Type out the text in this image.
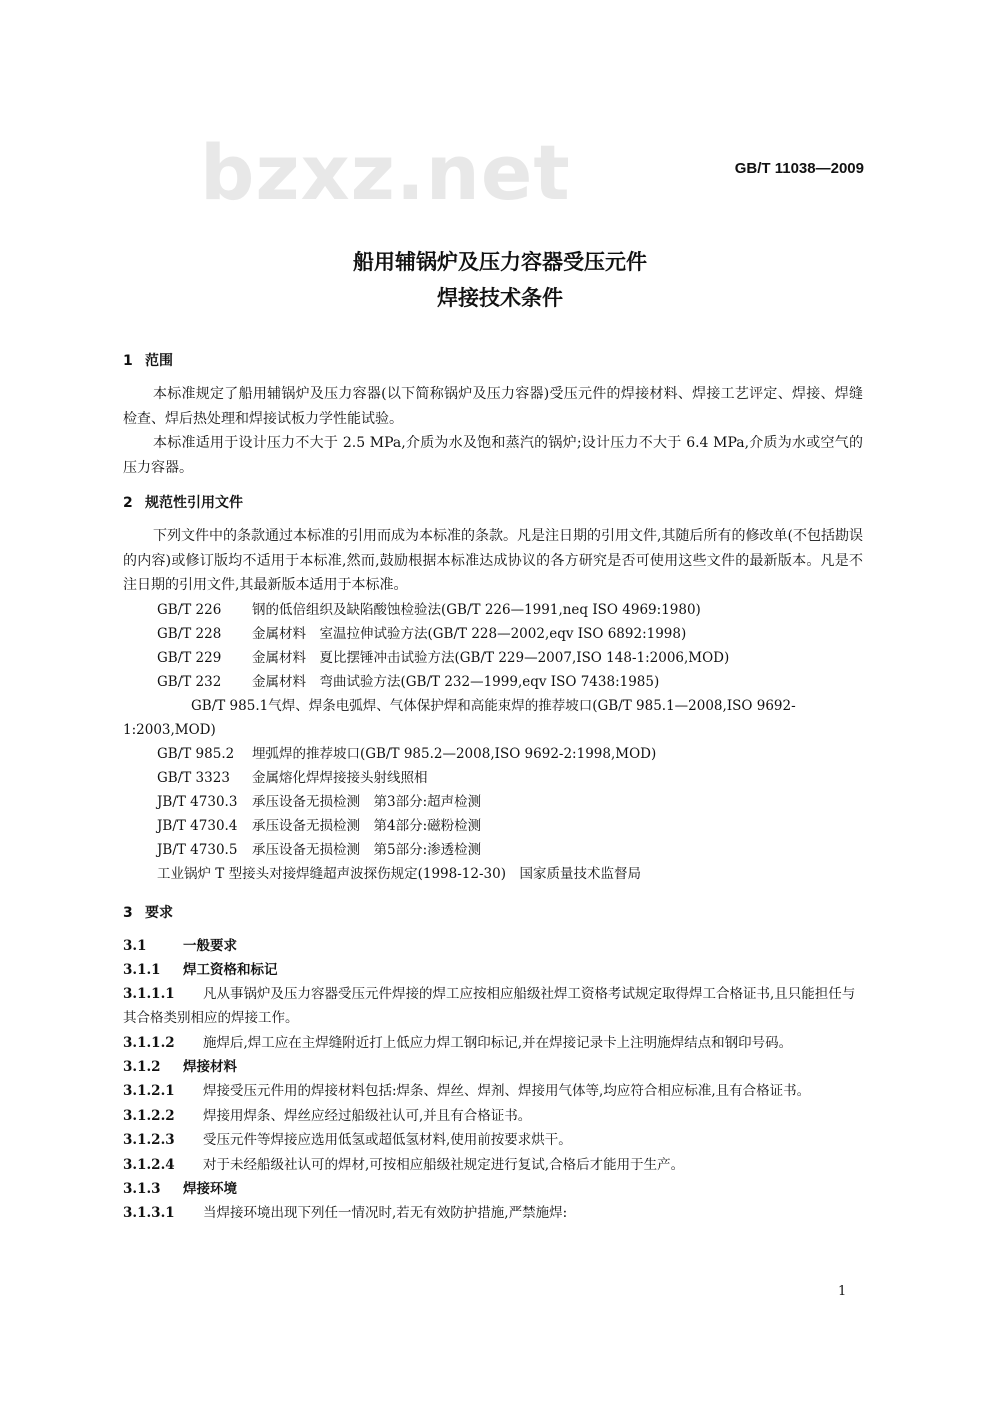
bzxz.net	GB/T 11038—2009
船用辅锅炉及压力容器受压元件
焊接技术条件
1 范围

本标准规定了船用辅锅炉及压力容器(以下简称锅炉及压力容器)受压元件的焊接材料、焊接工艺评定、焊接、焊缝检查、焊后热处理和焊接试板力学性能试验。

本标准适用于设计压力不大于 2.5 MPa,介质为水及饱和蒸汽的锅炉;设计压力不大于 6.4 MPa,介质为水或空气的压力容器。

2 规范性引用文件

下列文件中的条款通过本标准的引用而成为本标准的条款。凡是注日期的引用文件,其随后所有的修改单(不包括勘误的内容)或修订版均不适用于本标准,然而,鼓励根据本标准达成协议的各方研究是否可使用这些文件的最新版本。凡是不注日期的引用文件,其最新版本适用于本标准。

GB/T 226 钢的低倍组织及缺陷酸蚀检验法(GB/T 226—1991,neq ISO 4969:1980)

GB/T 228 金属材料　室温拉伸试验方法(GB/T 228—2002,eqv ISO 6892:1998)

GB/T 229 金属材料　夏比摆锤冲击试验方法(GB/T 229—2007,ISO 148-1:2006,MOD)

GB/T 232 金属材料　弯曲试验方法(GB/T 232—1999,eqv ISO 7438:1985)

GB/T 985.1气焊、焊条电弧焊、气体保护焊和高能束焊的推荐坡口(GB/T 985.1—2008,ISO 9692-1:2003,MOD)

GB/T 985.2 埋弧焊的推荐坡口(GB/T 985.2—2008,ISO 9692-2:1998,MOD)

GB/T 3323 金属熔化焊焊接接头射线照相

JB/T 4730.3 承压设备无损检测　第3部分:超声检测

JB/T 4730.4 承压设备无损检测　第4部分:磁粉检测

JB/T 4730.5 承压设备无损检测　第5部分:渗透检测

工业锅炉 T 型接头对接焊缝超声波探伤规定(1998-12-30)　国家质量技术监督局

3 要求

3.1	一般要求

3.1.1 焊工资格和标记

3.1.1.1 凡从事锅炉及压力容器受压元件焊接的焊工应按相应船级社焊工资格考试规定取得焊工合格证书,且只能担任与其合格类别相应的焊接工作。

3.1.1.2 施焊后,焊工应在主焊缝附近打上低应力焊工钢印标记,并在焊接记录卡上注明施焊结点和钢印号码。

3.1.2 焊接材料

3.1.2.1 焊接受压元件用的焊接材料包括:焊条、焊丝、焊剂、焊接用气体等,均应符合相应标准,且有合格证书。

3.1.2.2 焊接用焊条、焊丝应经过船级社认可,并且有合格证书。

3.1.2.3 受压元件等焊接应选用低氢或超低氢材料,使用前按要求烘干。

3.1.2.4 对于未经船级社认可的焊材,可按相应船级社规定进行复试,合格后才能用于生产。

3.1.3 焊接环境

3.1.3.1 当焊接环境出现下列任一情况时,若无有效防护措施,严禁施焊:

1
